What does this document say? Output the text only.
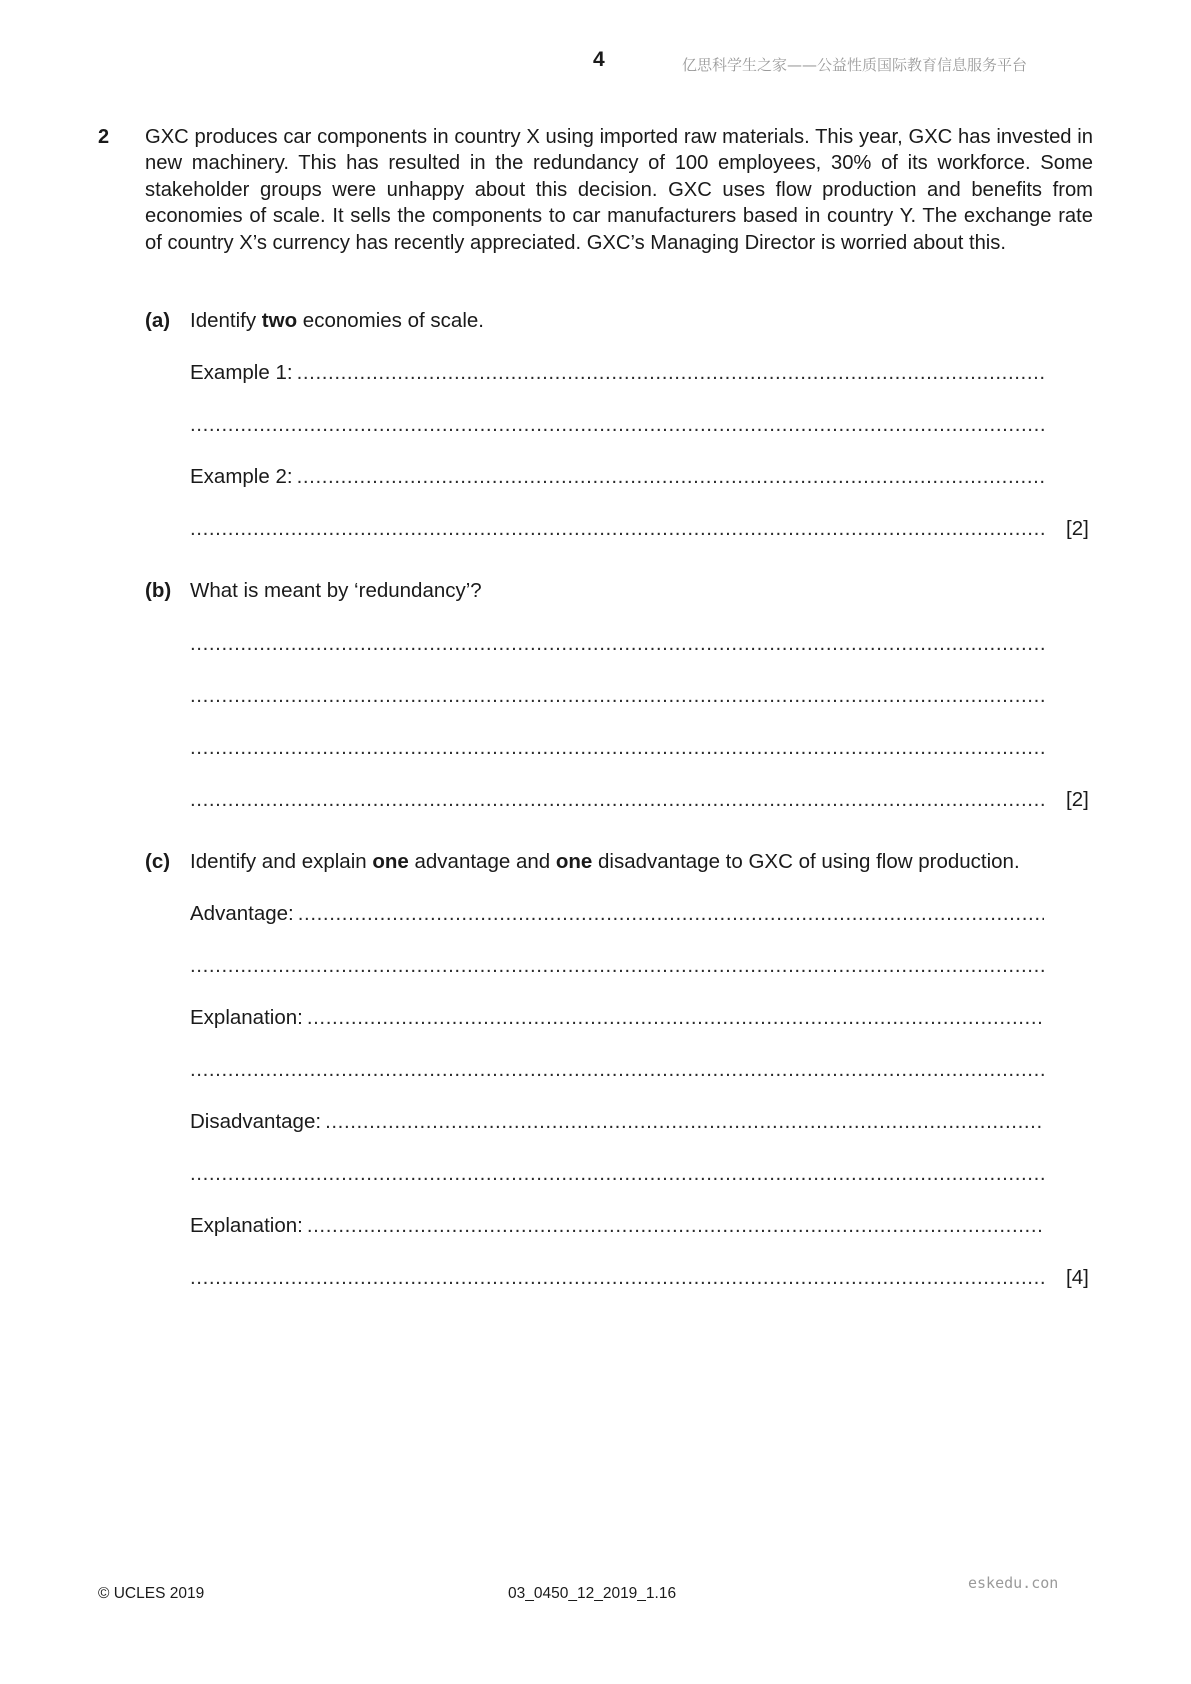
4	亿思科学生之家——公益性质国际教育信息服务平台
2 GXC produces car components in country X using imported raw materials. This year, GXC has invested in new machinery. This has resulted in the redundancy of 100 employees, 30% of its workforce. Some stakeholder groups were unhappy about this decision. GXC uses flow production and benefits from economies of scale. It sells the components to car manufacturers based in country Y. The exchange rate of country X’s currency has recently appreciated. GXC’s Managing Director is worried about this.
(a) Identify two economies of scale.
Example 1:
.....
.....
Example 2:
.....
.....
[2]
(b) What is meant by ‘redundancy’?
.....
.....
.....
.....
[2]
(c) Identify and explain one advantage and one disadvantage to GXC of using flow production.
Advantage:
.....
.....
Explanation:
.....
.....
Disadvantage:
.....
.....
Explanation:
.....
.....
[4]
© UCLES 2019	03_0450_12_2019_1.16
eskedu.con
